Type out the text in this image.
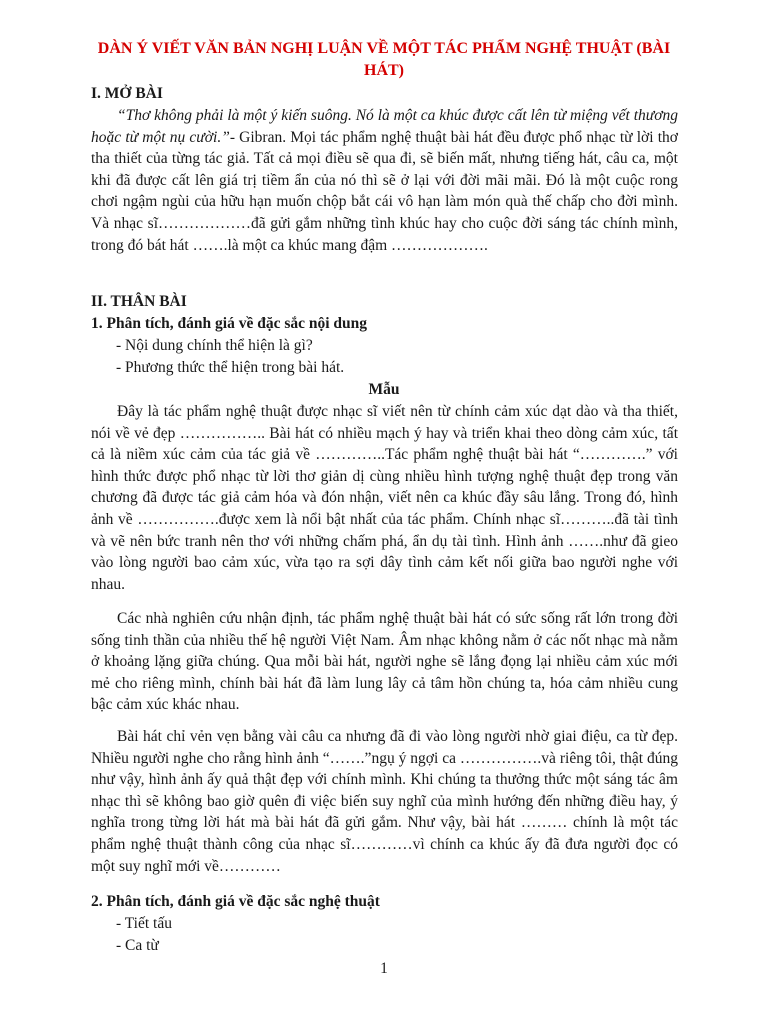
DÀN Ý VIẾT VĂN BẢN NGHỊ LUẬN VỀ MỘT TÁC PHẨM NGHỆ THUẬT (BÀI HÁT)
I. MỞ BÀI
“Thơ không phải là một ý kiến suông. Nó là một ca khúc được cất lên từ miệng vết thương hoặc từ một nụ cười.”- Gibran. Mọi tác phẩm nghệ thuật bài hát đều được phổ nhạc từ lời thơ tha thiết của từng tác giả. Tất cả mọi điều sẽ qua đi, sẽ biến mất, nhưng tiếng hát, câu ca, một khi đã được cất lên giá trị tiềm ẩn của nó thì sẽ ở lại với đời mãi mãi. Đó là một cuộc rong chơi ngậm ngùi của hữu hạn muốn chộp bắt cái vô hạn làm món quà thế chấp cho đời mình. Và nhạc sĩ………………đã gửi gắm những tình khúc hay cho cuộc đời sáng tác chính mình, trong đó bát hát …….là một ca khúc mang đậm ……………….
II. THÂN BÀI
1. Phân tích, đánh giá về đặc sắc nội dung
- Nội dung chính thể hiện là gì?
- Phương thức thể hiện trong bài hát.
Mẫu
Đây là tác phẩm nghệ thuật được nhạc sĩ viết nên từ chính cảm xúc dạt dào và tha thiết, nói về vẻ đẹp …………….. Bài hát có nhiều mạch ý hay và triển khai theo dòng cảm xúc, tất cả là niềm xúc cảm của tác giả về …………..Tác phẩm nghệ thuật bài hát “………….” với hình thức được phổ nhạc từ lời thơ giản dị cùng nhiều hình tượng nghệ thuật đẹp trong văn chương đã được tác giả cảm hóa và đón nhận, viết nên ca khúc đầy sâu lắng. Trong đó, hình ảnh về …………….được xem là nổi bật nhất của tác phẩm. Chính nhạc sĩ………..đã tài tình và vẽ nên bức tranh nên thơ với những chấm phá, ẩn dụ tài tình. Hình ảnh …….như đã gieo vào lòng người bao cảm xúc, vừa tạo ra sợi dây tình cảm kết nối giữa bao người nghe với nhau.
Các nhà nghiên cứu nhận định, tác phẩm nghệ thuật bài hát có sức sống rất lớn trong đời sống tinh thần của nhiều thế hệ người Việt Nam. Âm nhạc không nằm ở các nốt nhạc mà nằm ở khoảng lặng giữa chúng. Qua mỗi bài hát, người nghe sẽ lắng đọng lại nhiều cảm xúc mới mẻ cho riêng mình, chính bài hát đã làm lung lây cả tâm hồn chúng ta, hóa cảm nhiều cung bậc cảm xúc khác nhau.
Bài hát chỉ vẻn vẹn bằng vài câu ca nhưng đã đi vào lòng người nhờ giai điệu, ca từ đẹp. Nhiều người nghe cho rằng hình ảnh “…….”ngụ ý ngợi ca …………….và riêng tôi, thật đúng như vậy, hình ảnh ấy quả thật đẹp với chính mình. Khi chúng ta thưởng thức một sáng tác âm nhạc thì sẽ không bao giờ quên đi việc biến suy nghĩ của mình hướng đến những điều hay, ý nghĩa trong từng lời hát mà bài hát đã gửi gắm. Như vậy, bài hát ……… chính là một tác phẩm nghệ thuật thành công của nhạc sĩ…………vì chính ca khúc ấy đã đưa người đọc có một suy nghĩ mới về…………
2. Phân tích, đánh giá về đặc sắc nghệ thuật
- Tiết tấu
- Ca từ
1
